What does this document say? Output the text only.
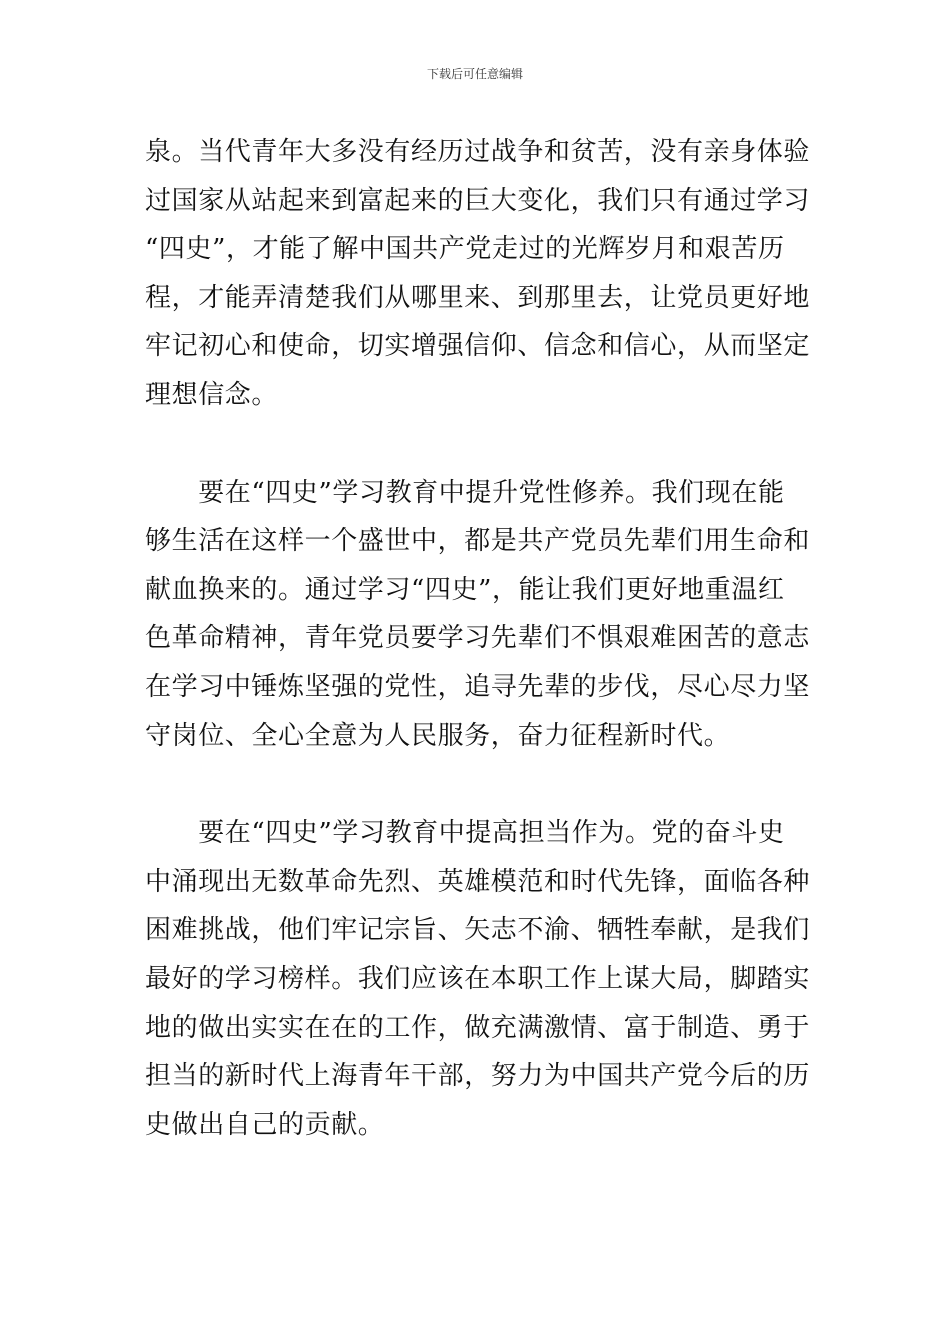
下载后可任意编辑

泉。当代青年大多没有经历过战争和贫苦，没有亲身体验
过国家从站起来到富起来的巨大变化，我们只有通过学习
“四史”，才能了解中国共产党走过的光辉岁月和艰苦历
程，才能弄清楚我们从哪里来、到那里去，让党员更好地
牢记初心和使命，切实增强信仰、信念和信心，从而坚定
理想信念。

　　要在“四史”学习教育中提升党性修养。我们现在能
够生活在这样一个盛世中，都是共产党员先辈们用生命和
献血换来的。通过学习“四史”，能让我们更好地重温红
色革命精神，青年党员要学习先辈们不惧艰难困苦的意志
在学习中锤炼坚强的党性，追寻先辈的步伐，尽心尽力坚
守岗位、全心全意为人民服务，奋力征程新时代。

　　要在“四史”学习教育中提高担当作为。党的奋斗史
中涌现出无数革命先烈、英雄模范和时代先锋，面临各种
困难挑战，他们牢记宗旨、矢志不渝、牺牲奉献，是我们
最好的学习榜样。我们应该在本职工作上谋大局，脚踏实
地的做出实实在在的工作，做充满激情、富于制造、勇于
担当的新时代上海青年干部，努力为中国共产党今后的历
史做出自己的贡献。
